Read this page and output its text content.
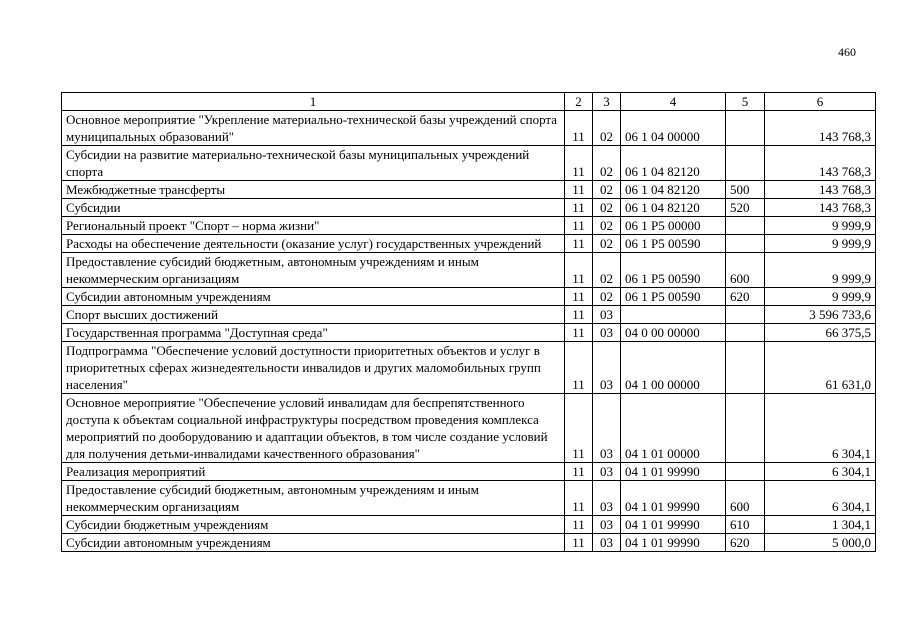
460
1	2	3	4	5	6
Основное мероприятие "Укрепление материально-технической базы учреждений спорта муниципальных образований"	11	02	06 1 04 00000		143 768,3
Субсидии на развитие материально-технической базы муниципальных учреждений спорта	11	02	06 1 04 82120		143 768,3
Межбюджетные трансферты	11	02	06 1 04 82120	500	143 768,3
Субсидии	11	02	06 1 04 82120	520	143 768,3
Региональный проект "Спорт – норма жизни"	11	02	06 1 P5 00000		9 999,9
Расходы на обеспечение деятельности (оказание услуг) государственных учреждений	11	02	06 1 P5 00590		9 999,9
Предоставление субсидий бюджетным, автономным учреждениям и иным некоммерческим организациям	11	02	06 1 P5 00590	600	9 999,9
Субсидии автономным учреждениям	11	02	06 1 P5 00590	620	9 999,9
Спорт высших достижений	11	03			3 596 733,6
Государственная программа "Доступная среда"	11	03	04 0 00 00000		66 375,5
Подпрограмма "Обеспечение условий доступности приоритетных объектов и услуг в приоритетных сферах жизнедеятельности инвалидов и других маломобильных групп населения"	11	03	04 1 00 00000		61 631,0
Основное мероприятие "Обеспечение условий инвалидам для беспрепятственного доступа к объектам социальной инфраструктуры посредством проведения комплекса мероприятий по дооборудованию и адаптации объектов, в том числе создание условий для получения детьми-инвалидами качественного образования"	11	03	04 1 01 00000		6 304,1
Реализация мероприятий	11	03	04 1 01 99990		6 304,1
Предоставление субсидий бюджетным, автономным учреждениям и иным некоммерческим организациям	11	03	04 1 01 99990	600	6 304,1
Субсидии бюджетным учреждениям	11	03	04 1 01 99990	610	1 304,1
Субсидии автономным учреждениям	11	03	04 1 01 99990	620	5 000,0
